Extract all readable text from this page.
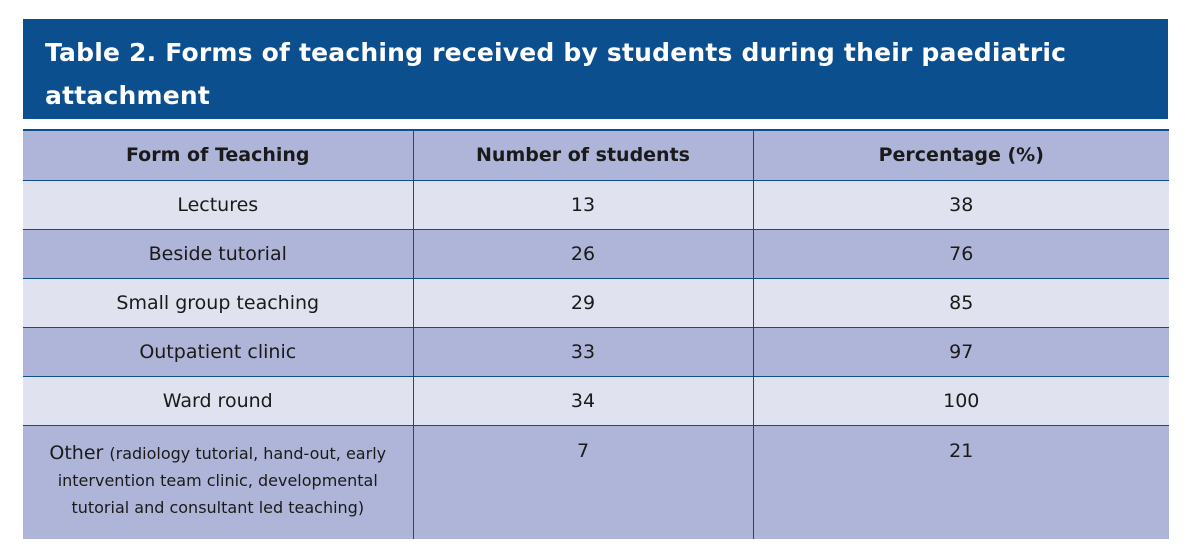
Table 2. Forms of teaching received by students during their paediatric attachment
Form of Teaching	Number of students	Percentage (%)
Lectures	13	38
Beside tutorial	26	76
Small group teaching	29	85
Outpatient clinic	33	97
Ward round	34	100
Other (radiology tutorial, hand-out, early intervention team clinic, developmental tutorial and consultant led teaching)	7	21
